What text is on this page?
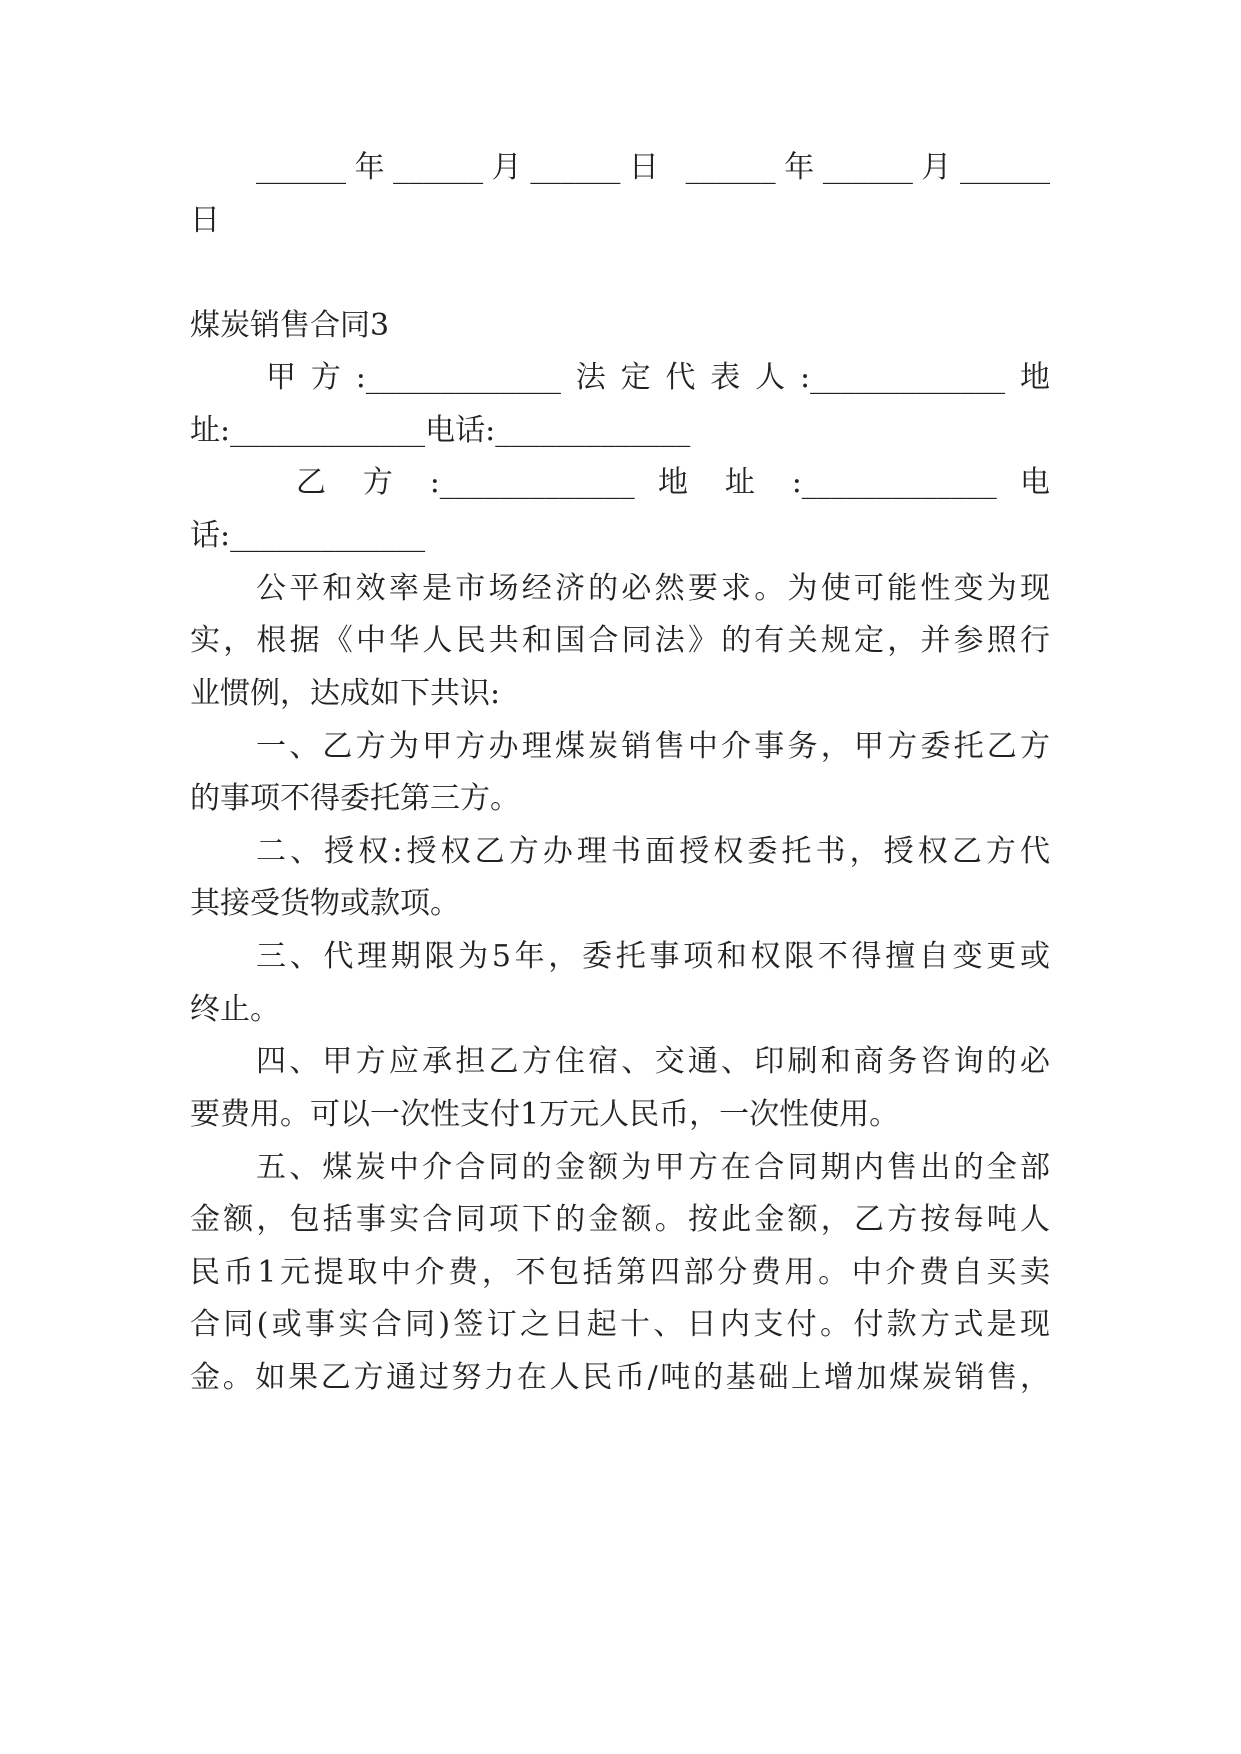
______年______月______日 ______年______月______
日
煤炭销售合同3
甲方:_____________法定代表人:_____________地
址:_____________电话:_____________
乙 方 :_____________ 地 址 :_____________ 电
话:_____________
公平和效率是市场经济的必然要求。为使可能性变为现
实，根据《中华人民共和国合同法》的有关规定，并参照行
业惯例，达成如下共识:
一、乙方为甲方办理煤炭销售中介事务，甲方委托乙方
的事项不得委托第三方。
二、授权:授权乙方办理书面授权委托书，授权乙方代
其接受货物或款项。
三、代理期限为5年，委托事项和权限不得擅自变更或
终止。
四、甲方应承担乙方住宿、交通、印刷和商务咨询的必
要费用。可以一次性支付1万元人民币，一次性使用。
五、煤炭中介合同的金额为甲方在合同期内售出的全部
金额，包括事实合同项下的金额。按此金额，乙方按每吨人
民币1元提取中介费，不包括第四部分费用。中介费自买卖
合同(或事实合同)签订之日起十、日内支付。付款方式是现
金。如果乙方通过努力在人民币/吨的基础上增加煤炭销售，
